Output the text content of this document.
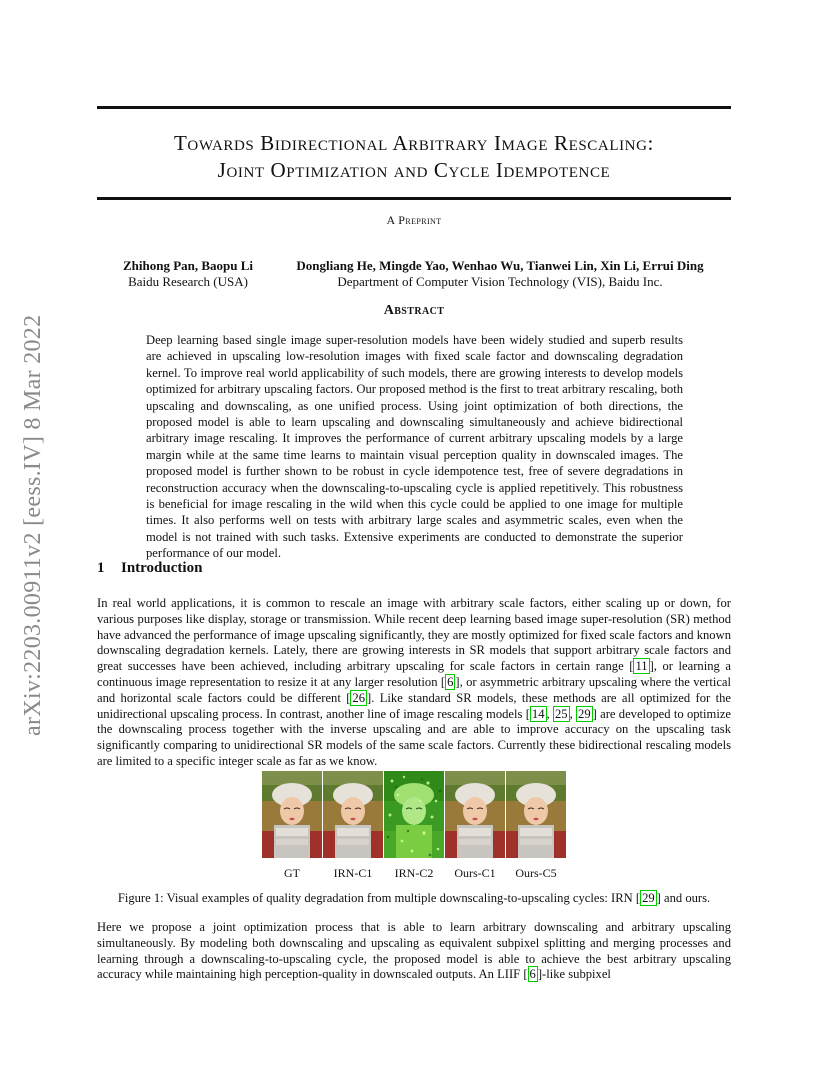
arXiv:2203.00911v2 [eess.IV] 8 Mar 2022
Towards Bidirectional Arbitrary Image Rescaling:
Joint Optimization and Cycle Idempotence
A Preprint
Zhihong Pan, Baopu Li
Baidu Research (USA)
Dongliang He, Mingde Yao, Wenhao Wu, Tianwei Lin, Xin Li, Errui Ding
Department of Computer Vision Technology (VIS), Baidu Inc.
Abstract

Deep learning based single image super-resolution models have been widely studied and superb results are achieved in upscaling low-resolution images with fixed scale factor and downscaling degradation kernel. To improve real world applicability of such models, there are growing interests to develop models optimized for arbitrary upscaling factors. Our proposed method is the first to treat arbitrary rescaling, both upscaling and downscaling, as one unified process. Using joint optimization of both directions, the proposed model is able to learn upscaling and downscaling simultaneously and achieve bidirectional arbitrary image rescaling. It improves the performance of current arbitrary upscaling models by a large margin while at the same time learns to maintain visual perception quality in downscaled images. The proposed model is further shown to be robust in cycle idempotence test, free of severe degradations in reconstruction accuracy when the downscaling-to-upscaling cycle is applied repetitively. This robustness is beneficial for image rescaling in the wild when this cycle could be applied to one image for multiple times. It also performs well on tests with arbitrary large scales and asymmetric scales, even when the model is not trained with such tasks. Extensive experiments are conducted to demonstrate the superior performance of our model.

1 Introduction

In real world applications, it is common to rescale an image with arbitrary scale factors, either scaling up or down, for various purposes like display, storage or transmission. While recent deep learning based image super-resolution (SR) method have advanced the performance of image upscaling significantly, they are mostly optimized for fixed scale factors and known downscaling degradation kernels. Lately, there are growing interests in SR models that support arbitrary scale factors and great successes have been achieved, including arbitrary upscaling for scale factors in certain range [ 11 ], or learning a continuous image representation to resize it at any larger resolution [ 6 ], or asymmetric arbitrary upscaling where the vertical and horizontal scale factors could be different [ 26 ]. Like standard SR models, these methods are all optimized for the unidirectional upscaling process. In contrast, another line of image rescaling models [ 14 , 25 , 29 ] are developed to optimize the downscaling process together with the inverse upscaling and are able to improve accuracy on the upscaling task significantly comparing to unidirectional SR models of the same scale factors. Currently these bidirectional rescaling models are limited to a specific integer scale as far as we know.

GT	IRN-C1	IRN-C2	Ours-C1	Ours-C5

Figure 1: Visual examples of quality degradation from multiple downscaling-to-upscaling cycles: IRN [ 29 ] and ours.

Here we propose a joint optimization process that is able to learn arbitrary downscaling and arbitrary upscaling simultaneously. By modeling both downscaling and upscaling as equivalent subpixel splitting and merging processes and learning through a downscaling-to-upscaling cycle, the proposed model is able to achieve the best arbitrary upscaling accuracy while maintaining high perception-quality in downscaled outputs. An LIIF [ 6 ]-like subpixel
